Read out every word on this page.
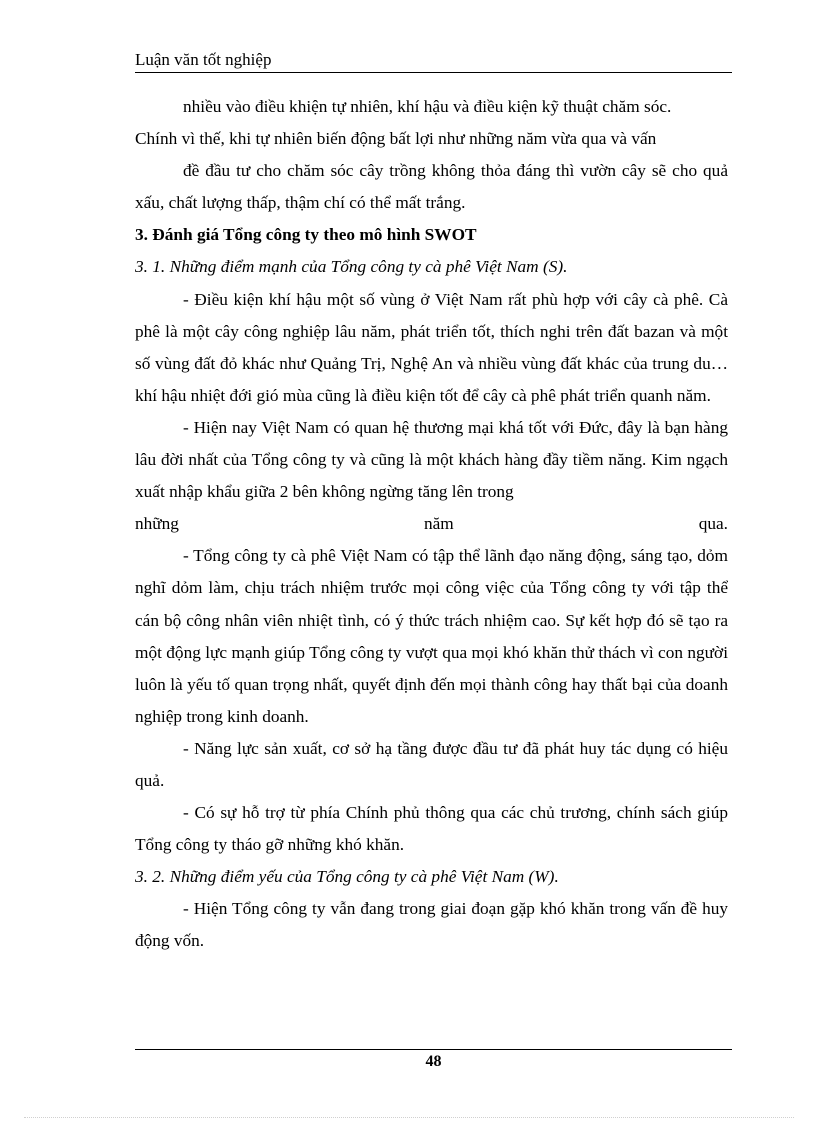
Luận văn tốt nghiệp

nhiều vào điều khiện tự nhiên, khí hậu và điều kiện kỹ thuật chăm sóc.

Chính vì thế, khi tự nhiên biến động bất lợi như những năm vừa qua và vấn

đề đầu tư cho chăm sóc cây trồng không thỏa đáng thì vườn cây sẽ cho quả xấu, chất lượng thấp, thậm chí có thể mất trắng.

3. Đánh giá Tổng công ty theo mô hình SWOT

3. 1. Những điểm mạnh của Tổng công ty cà phê Việt Nam (S).

- Điều kiện khí hậu một số vùng ở Việt Nam rất phù hợp với cây cà phê. Cà phê là một cây công nghiệp lâu năm, phát triển tốt, thích nghi trên đất bazan và một số vùng đất đỏ khác như Quảng Trị, Nghệ An và nhiều vùng đất khác của trung du… khí hậu nhiệt đới gió mùa cũng là điều kiện tốt để cây cà phê phát triển quanh năm.

- Hiện nay Việt Nam có quan hệ thương mại khá tốt với Đức, đây là bạn hàng lâu đời nhất của Tổng công ty và cũng là một khách hàng đầy tiềm năng. Kim ngạch xuất nhập khẩu giữa 2 bên không ngừng tăng lên trong

những năm qua.

- Tổng công ty cà phê Việt Nam có tập thể lãnh đạo năng động, sáng tạo, dỏm nghĩ dỏm làm, chịu trách nhiệm trước mọi công việc của Tổng công ty với tập thể cán bộ công nhân viên nhiệt tình, có ý thức trách nhiệm cao. Sự kết hợp đó sẽ tạo ra một động lực mạnh giúp Tổng công ty vượt qua mọi khó khăn thử thách vì con người luôn là yếu tố quan trọng nhất, quyết định đến mọi thành công hay thất bại của doanh nghiệp trong kinh doanh.

- Năng lực sản xuất, cơ sở hạ tầng được đầu tư đã phát huy tác dụng có hiệu quả.

- Có sự hỗ trợ từ phía Chính phủ thông qua các chủ trương, chính sách giúp Tổng công ty tháo gỡ những khó khăn.

3. 2. Những điểm yếu của Tổng công ty cà phê Việt Nam (W).

- Hiện Tổng công ty vẫn đang trong giai đoạn gặp khó khăn trong vấn đề huy động vốn.

48
